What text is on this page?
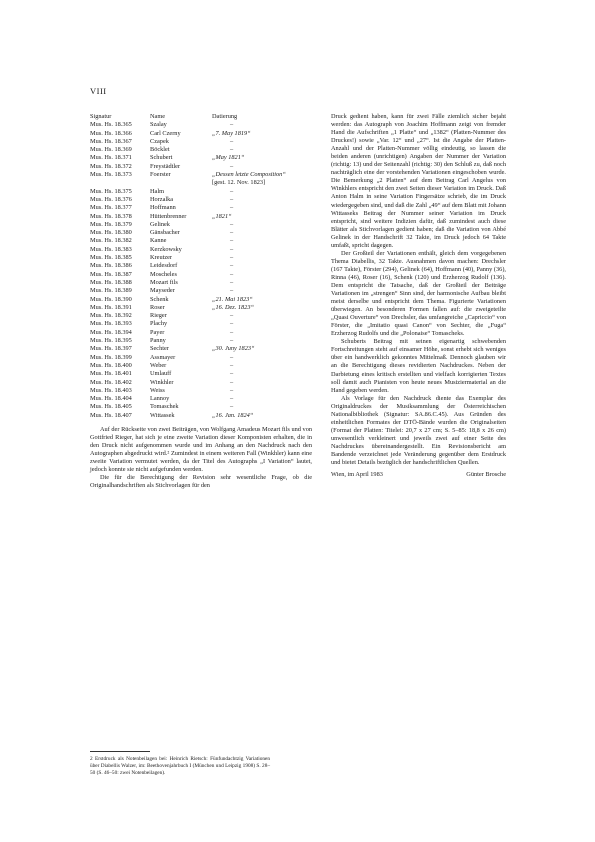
VIII
Signatur	Name	Datierung
Mus. Hs. 18.365	Szalay	–
Mus. Hs. 18.366	Carl Czerny	„7. May 1819“
Mus. Hs. 18.367	Czapek	–
Mus. Hs. 18.369	Böcklet	–
Mus. Hs. 18.371	Schubert	„May 1821“
Mus. Hs. 18.372	Freystädtler	–
Mus. Hs. 18.373	Foerster	„Dessen letzte Composition“
		[gest. 12. Nov. 1823]
Mus. Hs. 18.375	Halm	–
Mus. Hs. 18.376	Horzalka	–
Mus. Hs. 18.377	Hoffmann	–
Mus. Hs. 18.378	Hüttenbrenner	„1821“
Mus. Hs. 18.379	Gelinek	–
Mus. Hs. 18.380	Gänsbacher	–
Mus. Hs. 18.382	Kanne	–
Mus. Hs. 18.383	Kerzkowsky	–
Mus. Hs. 18.385	Kreutzer	–
Mus. Hs. 18.386	Leidesdorf	–
Mus. Hs. 18.387	Moscheles	–
Mus. Hs. 18.388	Mozart fils	–
Mus. Hs. 18.389	Mayseder	–
Mus. Hs. 18.390	Schenk	„21. Mai 1823“
Mus. Hs. 18.391	Roser	„16. Dez. 1823“
Mus. Hs. 18.392	Rieger	–
Mus. Hs. 18.393	Plachy	–
Mus. Hs. 18.394	Payer	–
Mus. Hs. 18.395	Panny	–
Mus. Hs. 18.397	Sechter	„30. Juny 1823“
Mus. Hs. 18.399	Assmayer	–
Mus. Hs. 18.400	Weber	–
Mus. Hs. 18.401	Umlauff	–
Mus. Hs. 18.402	Winkhler	–
Mus. Hs. 18.403	Weiss	–
Mus. Hs. 18.404	Lannoy	–
Mus. Hs. 18.405	Tomaschek	–
Mus. Hs. 18.407	Wittassek	„16. Jan. 1824“

Auf der Rückseite von zwei Beiträgen, von Wolfgang Amadeus Mozart fils und von Gottfried Rieger, hat sich je eine zweite Variation dieser Komponisten erhalten, die in den Druck nicht aufgenommen wurde und im Anhang an den Nachdruck nach den Autographen abgedruckt wird.² Zumindest in einem weiteren Fall (Winkhler) kann eine zweite Variation vermutet werden, da der Titel des Autographs „I Variation“ lautet, jedoch konnte sie nicht aufgefunden werden.

Die für die Berechtigung der Revision sehr wesentliche Frage, ob die Originalhandschriften als Stichvorlagen für den

Druck gedient haben, kann für zwei Fälle ziemlich sicher bejaht werden: das Autograph von Joachim Hoffmann zeigt von fremder Hand die Aufschriften „1 Platte“ und „1382“ (Platten-Nummer des Druckes!) sowie „Var. 12“ und „27“. Ist die Angabe der Platten-Anzahl und der Platten-Nummer völlig eindeutig, so lassen die beiden anderen (unrichtigen) Angaben der Nummer der Variation (richtig: 13) und der Seitenzahl (richtig: 30) den Schluß zu, daß noch nachträglich eine der vorstehenden Variationen eingeschoben wurde. Die Bemerkung „2 Platten“ auf dem Beitrag Carl Angelus von Winkhlers entspricht den zwei Seiten dieser Variation im Druck. Daß Anton Halm in seine Variation Fingersätze schrieb, die im Druck wiedergegeben sind, und daß die Zahl „49“ auf dem Blatt mit Johann Wittasseks Beitrag der Nummer seiner Variation im Druck entspricht, sind weitere Indizien dafür, daß zumindest auch diese Blätter als Stichvorlagen gedient haben; daß die Variation von Abbé Gelinek in der Handschrift 32 Takte, im Druck jedoch 64 Takte umfaßt, spricht dagegen.

Der Großteil der Variationen enthält, gleich dem vorgegebenen Thema Diabellis, 32 Takte. Ausnahmen davon machen: Drechsler (167 Takte), Förster (294), Gelinek (64), Hoffmann (40), Panny (36), Rinna (46), Roser (16), Schenk (120) und Erzherzog Rudolf (136). Dem entspricht die Tatsache, daß der Großteil der Beiträge Variationen im „strengen“ Sinn sind, der harmonische Aufbau bleibt meist derselbe und entspricht dem Thema. Figurierte Variationen überwiegen. An besonderen Formen fallen auf: die zweigeteilte „Quasi Ouverture“ von Drechsler, das umfangreiche „Capriccio“ von Förster, die „Imitatio quasi Canon“ von Sechter, die „Fuga“ Erzherzog Rudolfs und die „Polonaise“ Tomascheks.

Schuberts Beitrag mit seinen eigenartig schwebenden Fortschreitungen steht auf einsamer Höhe, sonst erhebt sich weniges über ein handwerklich gekonntes Mittelmaß. Dennoch glauben wir an die Berechtigung dieses revidierten Nachdruckes. Neben der Darbietung eines kritisch erstellten und vielfach korrigierten Textes soll damit auch Pianisten von heute neues Musiziermaterial an die Hand gegeben werden.

Als Vorlage für den Nachdruck diente das Exemplar des Originaldruckes der Musiksammlung der Österreichischen Nationalbibliothek (Signatur: SA.86.C.45). Aus Gründen des einheitlichen Formates der DTÖ-Bände wurden die Originalseiten (Format der Platten: Titelei: 20,7 x 27 cm; S. 5–85: 18,8 x 26 cm) unwesentlich verkleinert und jeweils zwei auf einer Seite des Nachdruckes übereinandergestellt. Ein Revisionsbericht am Bandende verzeichnet jede Veränderung gegenüber dem Erstdruck und bietet Details bezüglich der handschriftlichen Quellen.

Wien, im April 1983	Günter Brosche
2 Erstdruck als Notenbeilagen bei: Heinrich Rietsch: Fünfundachtzig Variationen über Diabellis Walzer, im: Beethovenjahrbuch I (München und Leipzig 1908) S. 28–50 (S. 46–50: zwei Notenbeilagen).
